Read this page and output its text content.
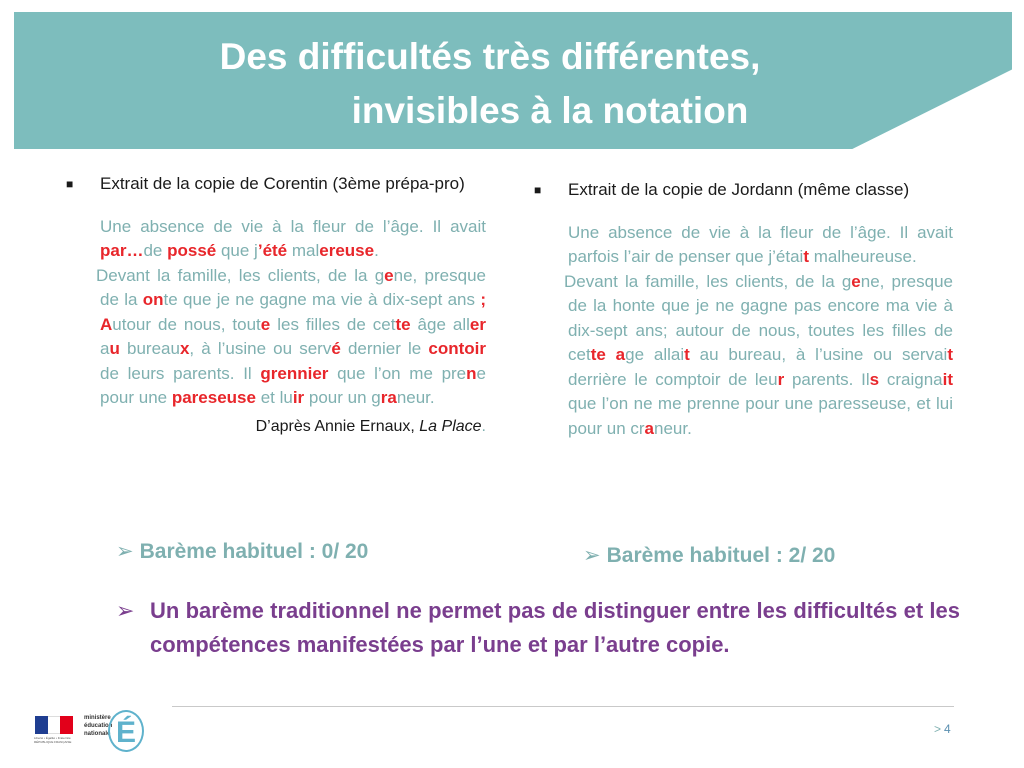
Des difficultés très différentes,
invisibles à la notation
■ Extrait de la copie de Corentin (3ème prépa-pro)

Une absence de vie à la fleur de l’âge. Il avait par…de possé que j’été malereuse.

Devant la famille, les clients, de la gene, presque de la onte que je ne gagne ma vie à dix-sept ans ; Autour de nous, toute les filles de cette âge aller au bureaux, à l’usine ou servé dernier le contoir de leurs parents. Il grennier que l’on me prene pour une pareseuse et luir pour un graneur.

D’après Annie Ernaux, La Place.
■ Extrait de la copie de Jordann (même classe)

Une absence de vie à la fleur de l’âge. Il avait parfois l’air de penser que j’était malheureuse.

Devant la famille, les clients, de la gene, presque de la honte que je ne gagne pas encore ma vie à dix-sept ans; autour de nous, toutes les filles de cette age allait au bureau, à l’usine ou servait derrière le comptoir de leur parents. Ils craignait que l’on ne me prenne pour une paresseuse, et lui pour un craneur.

➢ Barème habituel : 0/ 20	➢ Barème habituel : 2/ 20
➢ Un barème traditionnel ne permet pas de distinguer entre les difficultés et les compétences manifestées par l’une et par l’autre copie.
Liberté • Égalité • Fraternité
RÉPUBLIQUE FRANÇAISE
ministère
éducation
nationale É	> 4
